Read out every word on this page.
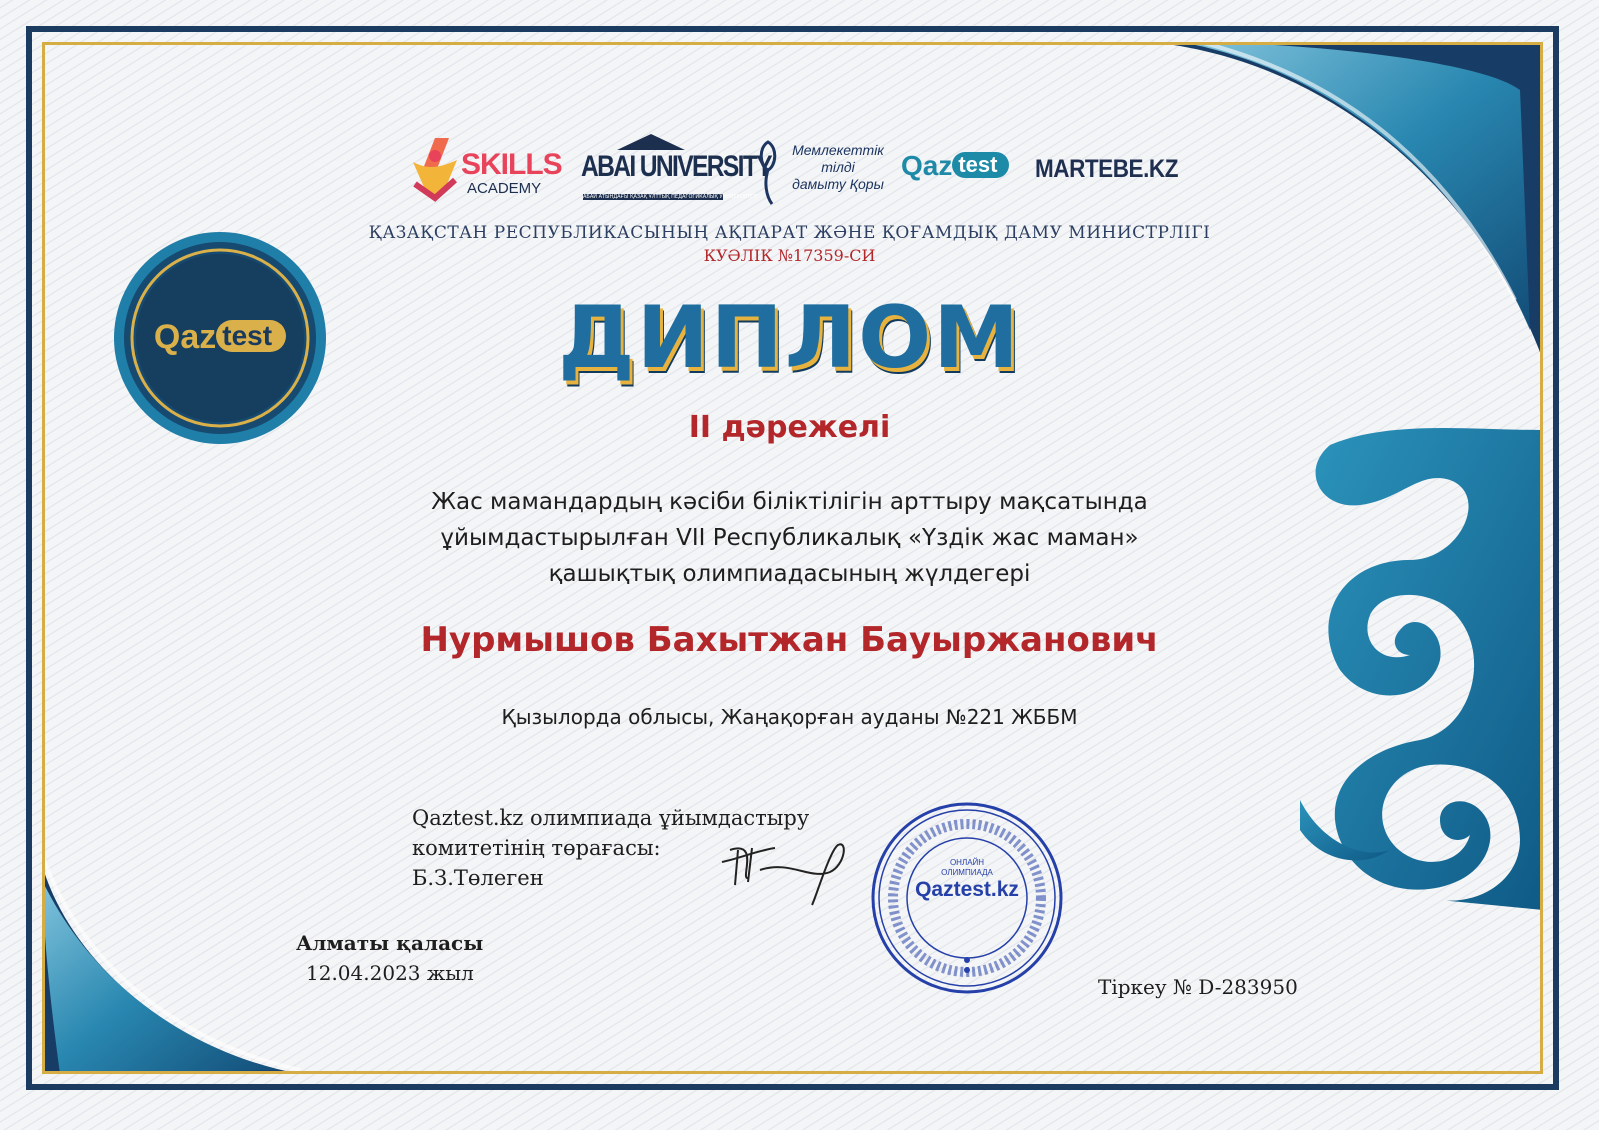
SKILLS
ACADEMY
ABAI UNIVERSITY
АБАЙ АТЫНДАҒЫ ҚАЗАҚ ҰЛТТЫҚ ПЕДАГОГИКАЛЫҚ УНИВЕРСИТЕТІ
Мемлекеттік
тілді
дамыту Қоры
Qaz test	MARTEBE.KZ
ҚАЗАҚСТАН РЕСПУБЛИКАСЫНЫҢ АҚПАРАТ ЖӘНЕ ҚОҒАМДЫҚ ДАМУ МИНИСТРЛІГІ
КУӘЛІК №17359-СИ
Qaz test	ДИПЛОМ
II дәрежелі
Жас мамандардың кәсіби біліктілігін арттыру мақсатында
ұйымдастырылған VII Республикалық «Үздік жас маман»
қашықтық олимпиадасының жүлдегері
Нурмышов Бахытжан Бауыржанович
Қызылорда облысы, Жаңақорған ауданы №221 ЖББМ
Qaztest.kz олимпиада ұйымдастыру
комитетінің төрағасы:
Б.З.Төлеген
Алматы қаласы
12.04.2023 жыл
ОНЛАЙН
ОЛИМПИАДА
Qaztest.kz
Тіркеу № D-283950
